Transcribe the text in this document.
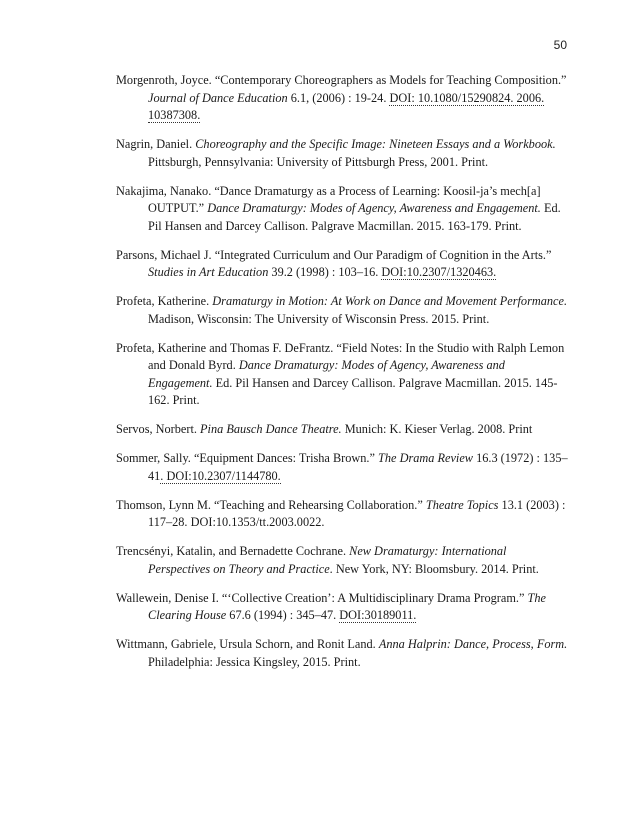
50

Morgenroth, Joyce. “Contemporary Choreographers as Models for Teaching Composition.” Journal of Dance Education 6.1, (2006) : 19-24. DOI: 10.1080/15290824. 2006. 10387308.

Nagrin, Daniel. Choreography and the Specific Image: Nineteen Essays and a Workbook. Pittsburgh, Pennsylvania: University of Pittsburgh Press, 2001. Print.

Nakajima, Nanako. “Dance Dramaturgy as a Process of Learning: Koosil-ja’s mech[a] OUTPUT.” Dance Dramaturgy: Modes of Agency, Awareness and Engagement. Ed. Pil Hansen and Darcey Callison. Palgrave Macmillan. 2015. 163-179. Print.

Parsons, Michael J. “Integrated Curriculum and Our Paradigm of Cognition in the Arts.” Studies in Art Education 39.2 (1998) : 103–16. DOI:10.2307/1320463.

Profeta, Katherine. Dramaturgy in Motion: At Work on Dance and Movement Performance. Madison, Wisconsin: The University of Wisconsin Press. 2015. Print.

Profeta, Katherine and Thomas F. DeFrantz. “Field Notes: In the Studio with Ralph Lemon and Donald Byrd. Dance Dramaturgy: Modes of Agency, Awareness and Engagement. Ed. Pil Hansen and Darcey Callison. Palgrave Macmillan. 2015. 145-162. Print.

Servos, Norbert. Pina Bausch Dance Theatre. Munich: K. Kieser Verlag. 2008. Print

Sommer, Sally. “Equipment Dances: Trisha Brown.” The Drama Review 16.3 (1972) : 135–41. DOI:10.2307/1144780.

Thomson, Lynn M. “Teaching and Rehearsing Collaboration.” Theatre Topics 13.1 (2003) : 117–28. DOI:10.1353/tt.2003.0022.

Trencsényi, Katalin, and Bernadette Cochrane. New Dramaturgy: International Perspectives on Theory and Practice. New York, NY: Bloomsbury. 2014. Print.

Wallewein, Denise I. “‘Collective Creation’: A Multidisciplinary Drama Program.” The Clearing House 67.6 (1994) : 345–47. DOI:30189011.

Wittmann, Gabriele, Ursula Schorn, and Ronit Land. Anna Halprin: Dance, Process, Form. Philadelphia: Jessica Kingsley, 2015. Print.
